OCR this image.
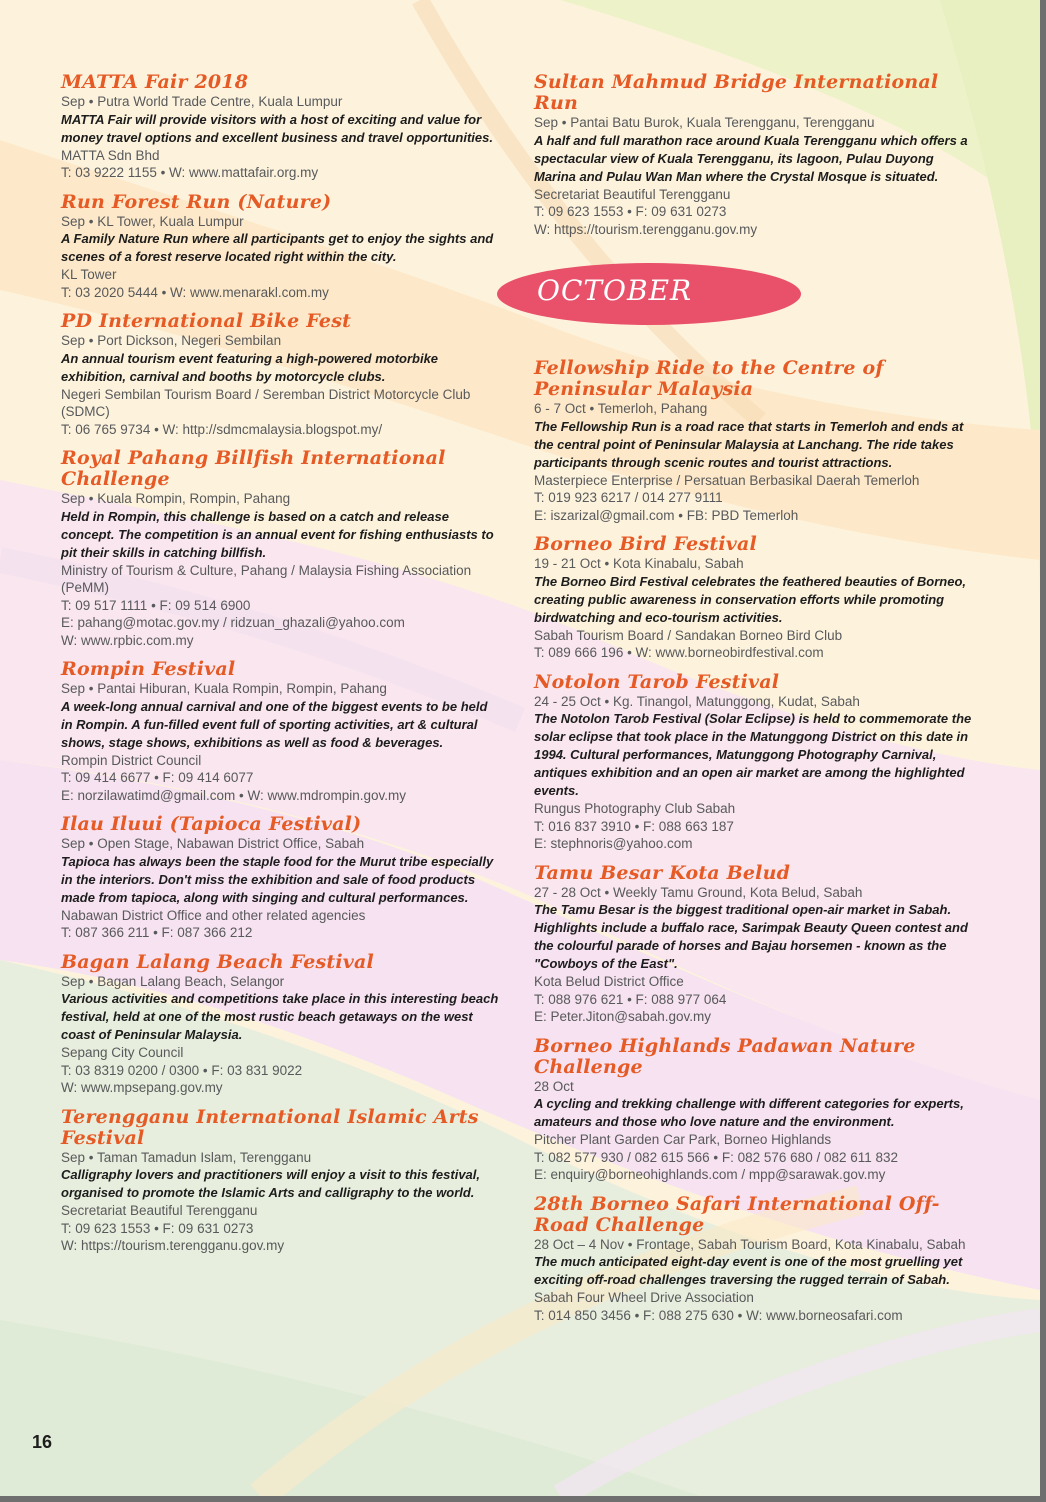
MATTA Fair 2018
Sep • Putra World Trade Centre, Kuala Lumpur
MATTA Fair will provide visitors with a host of exciting and value for money travel options and excellent business and travel opportunities.
MATTA Sdn Bhd
T: 03 9222 1155 • W: www.mattafair.org.my
Run Forest Run (Nature)
Sep • KL Tower, Kuala Lumpur
A Family Nature Run where all participants get to enjoy the sights and scenes of a forest reserve located right within the city.
KL Tower
T: 03 2020 5444 • W: www.menarakl.com.my
PD International Bike Fest
Sep • Port Dickson, Negeri Sembilan
An annual tourism event featuring a high-powered motorbike exhibition, carnival and booths by motorcycle clubs.
Negeri Sembilan Tourism Board / Seremban District Motorcycle Club (SDMC)
T: 06 765 9734 • W: http://sdmcmalaysia.blogspot.my/
Royal Pahang Billfish International Challenge
Sep • Kuala Rompin, Rompin, Pahang
Held in Rompin, this challenge is based on a catch and release concept. The competition is an annual event for fishing enthusiasts to pit their skills in catching billfish.
Ministry of Tourism & Culture, Pahang / Malaysia Fishing Association (PeMM)
T: 09 517 1111 • F: 09 514 6900
E: pahang@motac.gov.my / ridzuan_ghazali@yahoo.com
W: www.rpbic.com.my
Rompin Festival
Sep • Pantai Hiburan, Kuala Rompin, Rompin, Pahang
A week-long annual carnival and one of the biggest events to be held in Rompin. A fun-filled event full of sporting activities, art & cultural shows, stage shows, exhibitions as well as food & beverages.
Rompin District Council
T: 09 414 6677 • F: 09 414 6077
E: norzilawatimd@gmail.com • W: www.mdrompin.gov.my
Ilau Iluui (Tapioca Festival)
Sep • Open Stage, Nabawan District Office, Sabah
Tapioca has always been the staple food for the Murut tribe especially in the interiors. Don't miss the exhibition and sale of food products made from tapioca, along with singing and cultural performances.
Nabawan District Office and other related agencies
T: 087 366 211 • F: 087 366 212
Bagan Lalang Beach Festival
Sep • Bagan Lalang Beach, Selangor
Various activities and competitions take place in this interesting beach festival, held at one of the most rustic beach getaways on the west coast of Peninsular Malaysia.
Sepang City Council
T: 03 8319 0200 / 0300 • F: 03 831 9022
W: www.mpsepang.gov.my
Terengganu International Islamic Arts Festival
Sep • Taman Tamadun Islam, Terengganu
Calligraphy lovers and practitioners will enjoy a visit to this festival, organised to promote the Islamic Arts and calligraphy to the world.
Secretariat Beautiful Terengganu
T: 09 623 1553 • F: 09 631 0273
W: https://tourism.terengganu.gov.my
Sultan Mahmud Bridge International Run
Sep • Pantai Batu Burok, Kuala Terengganu, Terengganu
A half and full marathon race around Kuala Terengganu which offers a spectacular view of Kuala Terengganu, its lagoon, Pulau Duyong Marina and Pulau Wan Man where the Crystal Mosque is situated.
Secretariat Beautiful Terengganu
T: 09 623 1553 • F: 09 631 0273
W: https://tourism.terengganu.gov.my
Fellowship Ride to the Centre of Peninsular Malaysia
6 - 7 Oct • Temerloh, Pahang
The Fellowship Run is a road race that starts in Temerloh and ends at the central point of Peninsular Malaysia at Lanchang. The ride takes participants through scenic routes and tourist attractions.
Masterpiece Enterprise / Persatuan Berbasikal Daerah Temerloh
T: 019 923 6217 / 014 277 9111
E: iszarizal@gmail.com • FB: PBD Temerloh
Borneo Bird Festival
19 - 21 Oct • Kota Kinabalu, Sabah
The Borneo Bird Festival celebrates the feathered beauties of Borneo, creating public awareness in conservation efforts while promoting birdwatching and eco-tourism activities.
Sabah Tourism Board / Sandakan Borneo Bird Club
T: 089 666 196 • W: www.borneobirdfestival.com
Notolon Tarob Festival
24 - 25 Oct • Kg. Tinangol, Matunggong, Kudat, Sabah
The Notolon Tarob Festival (Solar Eclipse) is held to commemorate the solar eclipse that took place in the Matunggong District on this date in 1994. Cultural performances, Matunggong Photography Carnival, antiques exhibition and an open air market are among the highlighted events.
Rungus Photography Club Sabah
T: 016 837 3910 • F: 088 663 187
E: stephnoris@yahoo.com
Tamu Besar Kota Belud
27 - 28 Oct • Weekly Tamu Ground, Kota Belud, Sabah
The Tamu Besar is the biggest traditional open-air market in Sabah. Highlights include a buffalo race, Sarimpak Beauty Queen contest and the colourful parade of horses and Bajau horsemen - known as the "Cowboys of the East".
Kota Belud District Office
T: 088 976 621 • F: 088 977 064
E: Peter.Jiton@sabah.gov.my
Borneo Highlands Padawan Nature Challenge
28 Oct
A cycling and trekking challenge with different categories for experts, amateurs and those who love nature and the environment.
Pitcher Plant Garden Car Park, Borneo Highlands
T: 082 577 930 / 082 615 566 • F: 082 576 680 / 082 611 832
E: enquiry@borneohighlands.com / mpp@sarawak.gov.my
28th Borneo Safari International Off-Road Challenge
28 Oct – 4 Nov • Frontage, Sabah Tourism Board, Kota Kinabalu, Sabah
The much anticipated eight-day event is one of the most gruelling yet exciting off-road challenges traversing the rugged terrain of Sabah.
Sabah Four Wheel Drive Association
T: 014 850 3456 • F: 088 275 630 • W: www.borneosafari.com
OCTOBER
16
